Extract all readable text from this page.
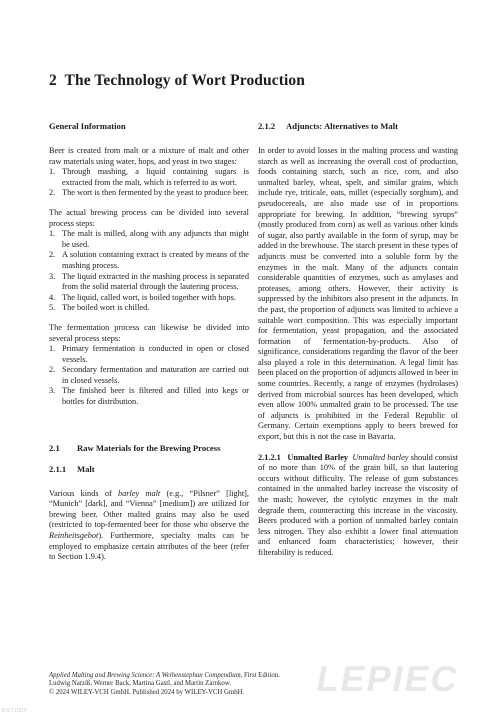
2 The Technology of Wort Production

General Information

Beer is created from malt or a mixture of malt and other raw materials using water, hops, and yeast in two stages:

1. Through mashing, a liquid containing sugars is extracted from the malt, which is referred to as wort.
2. The wort is then fermented by the yeast to produce beer.

The actual brewing process can be divided into several process steps:

1. The malt is milled, along with any adjuncts that might be used.
2. A solution containing extract is created by means of the mashing process.
3. The liquid extracted in the mashing process is separated from the solid material through the lautering process.
4. The liquid, called wort, is boiled together with hops.
5. The boiled wort is chilled.

The fermentation process can likewise be divided into several process steps:

1. Primary fermentation is conducted in open or closed vessels.
2. Secondary fermentation and maturation are carried out in closed vessels.
3. The finished beer is filtered and filled into kegs or bottles for distribution.

2.1 Raw Materials for the Brewing Process

2.1.1 Malt

Various kinds of barley malt (e.g., “Pilsner” [light], “Munich” [dark], and “Vienna” [medium]) are utilized for brewing beer. Other malted grains may also be used (restricted to top-fermented beer for those who observe the Reinheitsgebot). Furthermore, specialty malts can be employed to emphasize certain attributes of the beer (refer to Section 1.9.4).

2.1.2 Adjuncts: Alternatives to Malt

In order to avoid losses in the malting process and wasting starch as well as increasing the overall cost of production, foods containing starch, such as rice, corn, and also unmalted barley, wheat, spelt, and similar grains, which include rye, triticale, oats, millet (especially sorghum), and pseudocereals, are also made use of in proportions appropriate for brewing. In addition, “brewing syrups” (mostly produced from corn) as well as various other kinds of sugar, also partly available in the form of syrup, may be added in the brewhouse. The starch present in these types of adjuncts must be converted into a soluble form by the enzymes in the malt. Many of the adjuncts contain considerable quantities of enzymes, such as amylases and proteases, among others. However, their activity is suppressed by the inhibitors also present in the adjuncts. In the past, the proportion of adjuncts was limited to achieve a suitable wort composition. This was especially important for fermentation, yeast propagation, and the associated formation of fermentation-by-products. Also of significance, considerations regarding the flavor of the beer also played a role in this determination. A legal limit has been placed on the proportion of adjuncts allowed in beer in some countries. Recently, a range of enzymes (hydrolases) derived from microbial sources has been developed, which even allow 100% unmalted grain to be processed. The use of adjuncts is prohibited in the Federal Republic of Germany. Certain exemptions apply to beers brewed for export, but this is not the case in Bavaria.

2.1.2.1 Unmalted Barley Unmalted barley should consist of no more than 10% of the grain bill, so that lautering occurs without difficulty. The release of gum substances contained in the unmalted barley increase the viscosity of the mash; however, the cytolytic enzymes in the malt degrade them, counteracting this increase in the viscosity. Beers produced with a portion of unmalted barley contain less nitrogen. They also exhibit a lower final attenuation and enhanced foam characteristics; however, their filterability is reduced.

Applied Malting and Brewing Science: A Weihenstephan Compendium, First Edition.
Ludwig Narziß, Werner Back, Martina Gastl, and Martin Zarnkow.
© 2024 WILEY-VCH GmbH. Published 2024 by WILEY-VCH GmbH.	LEPIEC
ESTUDY
